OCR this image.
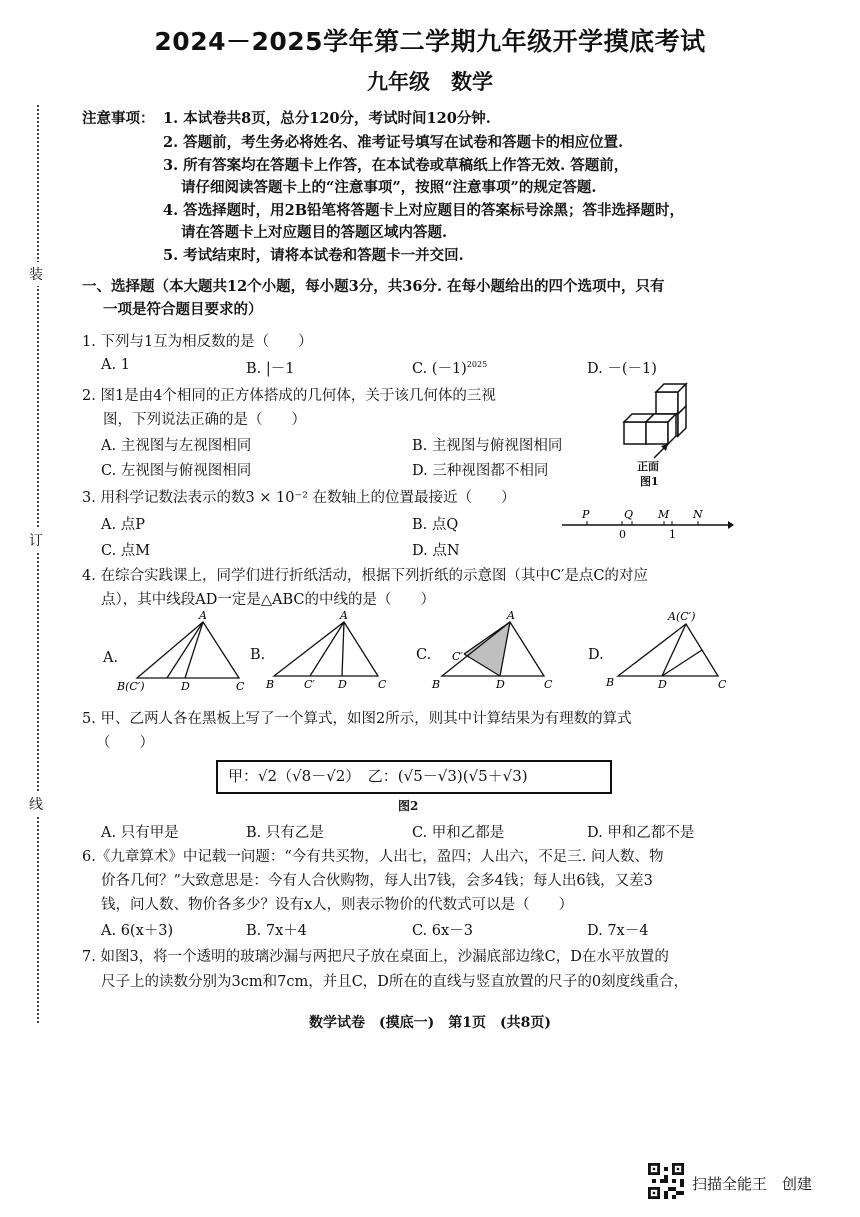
装
订
线
2024－2025学年第二学期九年级开学摸底考试
九年级　数学
注意事项： 1. 本试卷共8页，总分120分，考试时间120分钟.
2. 答题前，考生务必将姓名、准考证号填写在试卷和答题卡的相应位置.
3. 所有答案均在答题卡上作答，在本试卷或草稿纸上作答无效. 答题前，
请仔细阅读答题卡上的“注意事项”，按照“注意事项”的规定答题.
4. 答选择题时，用2B铅笔将答题卡上对应题目的答案标号涂黑；答非选择题时，
请在答题卡上对应题目的答题区域内答题.
5. 考试结束时，请将本试卷和答题卡一并交回.
一、选择题（本大题共12个小题，每小题3分，共36分. 在每小题给出的四个选项中，只有
一项是符合题目要求的）
1. 下列与1互为相反数的是（　　）
A. 1	B. |－1	C. $(-1)^{2025}$	D. －(－1)
2. 图1是由4个相同的正方体搭成的几何体，关于该几何体的三视
图，下列说法正确的是（　　）
A. 主视图与左视图相同	B. 主视图与俯视图相同
C. 左视图与俯视图相同	D. 三种视图都不相同	正面
图1
3. 用科学记数法表示的数3 × 10⁻² 在数轴上的位置最接近（　　）
A. 点P	B. 点Q
C. 点M	D. 点N
P	Q M N
0	1
4. 在综合实践课上，同学们进行折纸活动，根据下列折纸的示意图（其中C′是点C的对应
点），其中线段AD一定是△ABC的中线的是（　　）
A.	B.	C.	D.
A
B(C′)	D	C
A
B	C′ D	C
A
C′
B	D	C
A(C′)
B	D	C
5. 甲、乙两人各在黑板上写了一个算式，如图2所示，则其中计算结果为有理数的算式
（　　）
甲：√2（√8－√2）　乙：(√5－√3)(√5＋√3)
图2
A. 只有甲是	B. 只有乙是	C. 甲和乙都是	D. 甲和乙都不是
6.《九章算术》中记载一问题：“今有共买物，人出七，盈四；人出六，不足三. 问人数、物
价各几何？”大致意思是：今有人合伙购物，每人出7钱，会多4钱；每人出6钱，又差3
钱，问人数、物价各多少？设有x人，则表示物价的代数式可以是（　　）
A. 6(x＋3)	B. 7x＋4	C. 6x－3	D. 7x－4
7. 如图3，将一个透明的玻璃沙漏与两把尺子放在桌面上，沙漏底部边缘C，D在水平放置的
尺子上的读数分别为3cm和7cm，并且C，D所在的直线与竖直放置的尺子的0刻度线重合，
数学试卷　(摸底一)　第1页　(共8页)
扫描全能王　创建
